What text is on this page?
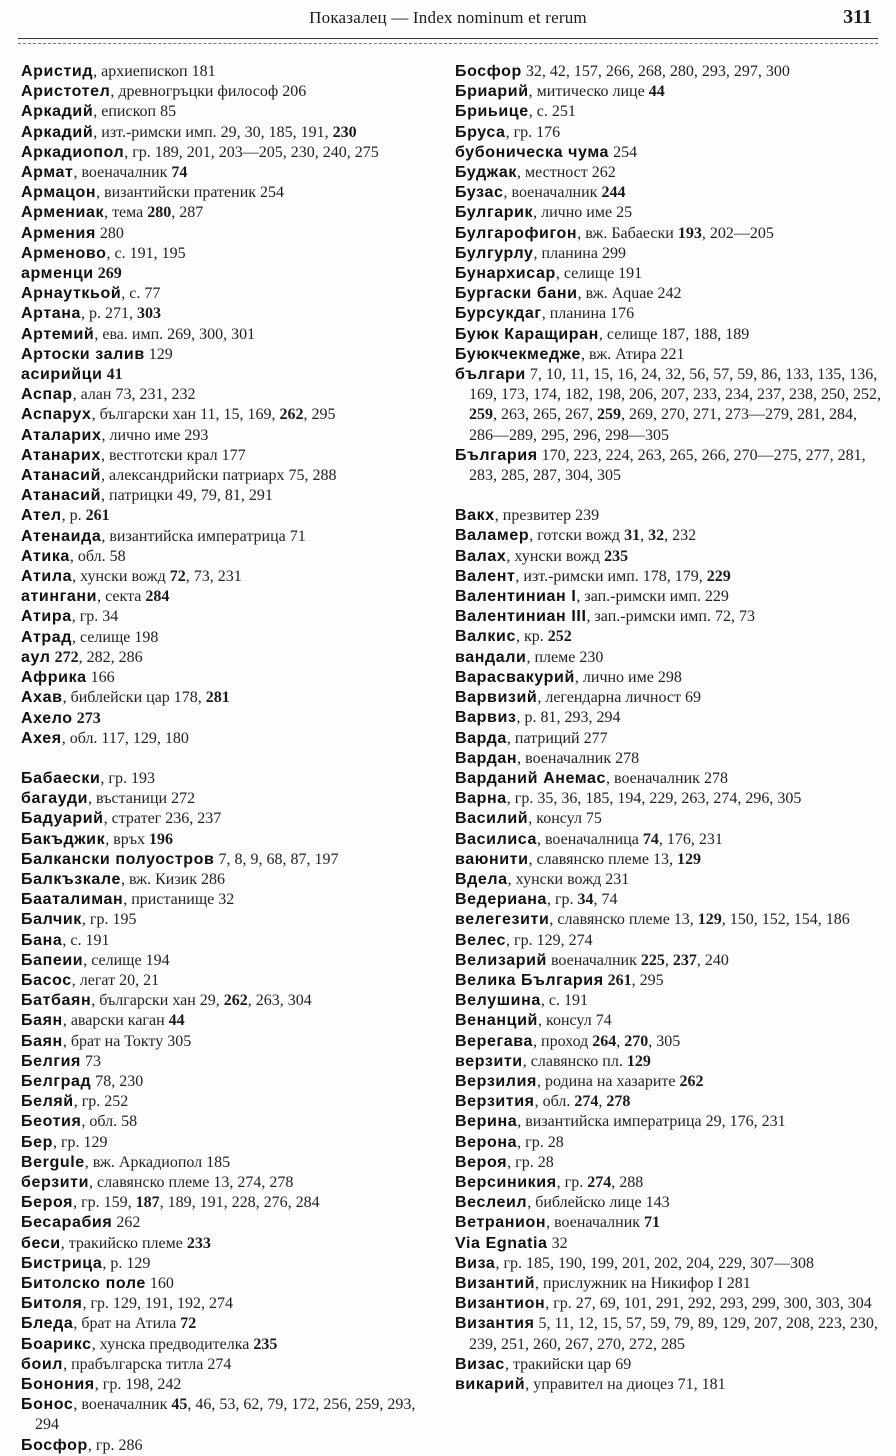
Показалец — Index nominum et rerum	311
Аристид, архиепископ 181
Аристотел, древногръцки философ 206
Аркадий, епископ 85
Аркадий, изт.-римски имп. 29, 30, 185, 191, 230
Аркадиопол, гр. 189, 201, 203—205, 230, 240, 275
Армат, военачалник 74
Армацон, византийски пратеник 254
Армениак, тема 280, 287
Армения 280
Арменово, с. 191, 195
арменци 269
Арнауткьой, с. 77
Артана, р. 271, 303
Артемий, ева. имп. 269, 300, 301
Артоски залив 129
асирийци 41
Аспар, алан 73, 231, 232
Аспарух, български хан 11, 15, 169, 262, 295
Аталарих, лично име 293
Атанарих, вестготски крал 177
Атанасий, александрийски патриарх 75, 288
Атанасий, патрицки 49, 79, 81, 291
Ател, р. 261
Атенаида, византийска императрица 71
Атика, обл. 58
Атила, хунски вожд 72, 73, 231
атингани, секта 284
Атира, гр. 34
Атрад, селище 198
аул 272, 282, 286
Африка 166
Ахав, библейски цар 178, 281
Ахело 273
Ахея, обл. 117, 129, 180
Бабаески, гр. 193
багауди, въстаници 272
Бадуарий, стратег 236, 237
Бакъджик, връх 196
Балкански полуостров 7, 8, 9, 68, 87, 197
Балкъзкале, вж. Кизик 286
Бааталиман, пристанище 32
Балчик, гр. 195
Бана, с. 191
Бапеии, селище 194
Басос, легат 20, 21
Батбаян, български хан 29, 262, 263, 304
Баян, аварски каган 44
Баян, брат на Токту 305
Белгия 73
Белград 78, 230
Беляй, гр. 252
Беотия, обл. 58
Бер, гр. 129
Bergule, вж. Аркадиопол 185
берзити, славянско племе 13, 274, 278
Бероя, гр. 159, 187, 189, 191, 228, 276, 284
Бесарабия 262
беси, тракийско племе 233
Бистрица, р. 129
Битолско поле 160
Битоля, гр. 129, 191, 192, 274
Бледа, брат на Атила 72
Боарикс, хунска предводителка 235
боил, прабългарска титла 274
Бонония, гр. 198, 242
Бонос, военачалник 45, 46, 53, 62, 79, 172, 256, 259, 293, 294
Босфор, гр. 286
Босфор 32, 42, 157, 266, 268, 280, 293, 297, 300
Бриарий, митическо лице 44
Бриьице, с. 251
Бруса, гр. 176
бубоническа чума 254
Буджак, местност 262
Бузас, военачалник 244
Булгарик, лично име 25
Булгарофигон, вж. Бабаески 193, 202—205
Булгурлу, планина 299
Бунархисар, селище 191
Бургаски бани, вж. Aquae 242
Бурсукдаг, планина 176
Буюк Каращиран, селище 187, 188, 189
Буюкчекмедже, вж. Атира 221
българи 7, 10, 11, 15, 16, 24, 32, 56, 57, 59, 86, 133, 135, 136, 169, 173, 174, 182, 198, 206, 207, 233, 234, 237, 238, 250, 252, 259, 263, 265, 267, 259, 269, 270, 271, 273—279, 281, 284, 286—289, 295, 296, 298—305
България 170, 223, 224, 263, 265, 266, 270—275, 277, 281, 283, 285, 287, 304, 305
Вакх, презвитер 239
Валамер, готски вожд 31, 32, 232
Валах, хунски вожд 235
Валент, изт.-римски имп. 178, 179, 229
Валентиниан I, зап.-римски имп. 229
Валентиниан III, зап.-римски имп. 72, 73
Валкис, кр. 252
вандали, племе 230
Варасвакурий, лично име 298
Варвизий, легендарна личност 69
Варвиз, р. 81, 293, 294
Варда, патриций 277
Вардан, военачалник 278
Варданий Анемас, военачалник 278
Варна, гр. 35, 36, 185, 194, 229, 263, 274, 296, 305
Василий, консул 75
Василиса, военачалница 74, 176, 231
ваюнити, славянско племе 13, 129
Вдела, хунски вожд 231
Ведериана, гр. 34, 74
велегезити, славянско племе 13, 129, 150, 152, 154, 186
Велес, гр. 129, 274
Велизарий военачалник 225, 237, 240
Велика България 261, 295
Велушина, с. 191
Венанций, консул 74
Верегава, проход 264, 270, 305
верзити, славянско пл. 129
Верзилия, родина на хазарите 262
Верзития, обл. 274, 278
Верина, византийска императрица 29, 176, 231
Верона, гр. 28
Вероя, гр. 28
Версиникия, гр. 274, 288
Веслеил, библейско лице 143
Ветранион, военачалник 71
Via Egnatia 32
Виза, гр. 185, 190, 199, 201, 202, 204, 229, 307—308
Византий, прислужник на Никифор I 281
Византион, гр. 27, 69, 101, 291, 292, 293, 299, 300, 303, 304
Византия 5, 11, 12, 15, 57, 59, 79, 89, 129, 207, 208, 223, 230, 239, 251, 260, 267, 270, 272, 285
Визас, тракийски цар 69
викарий, управител на диоцез 71, 181
